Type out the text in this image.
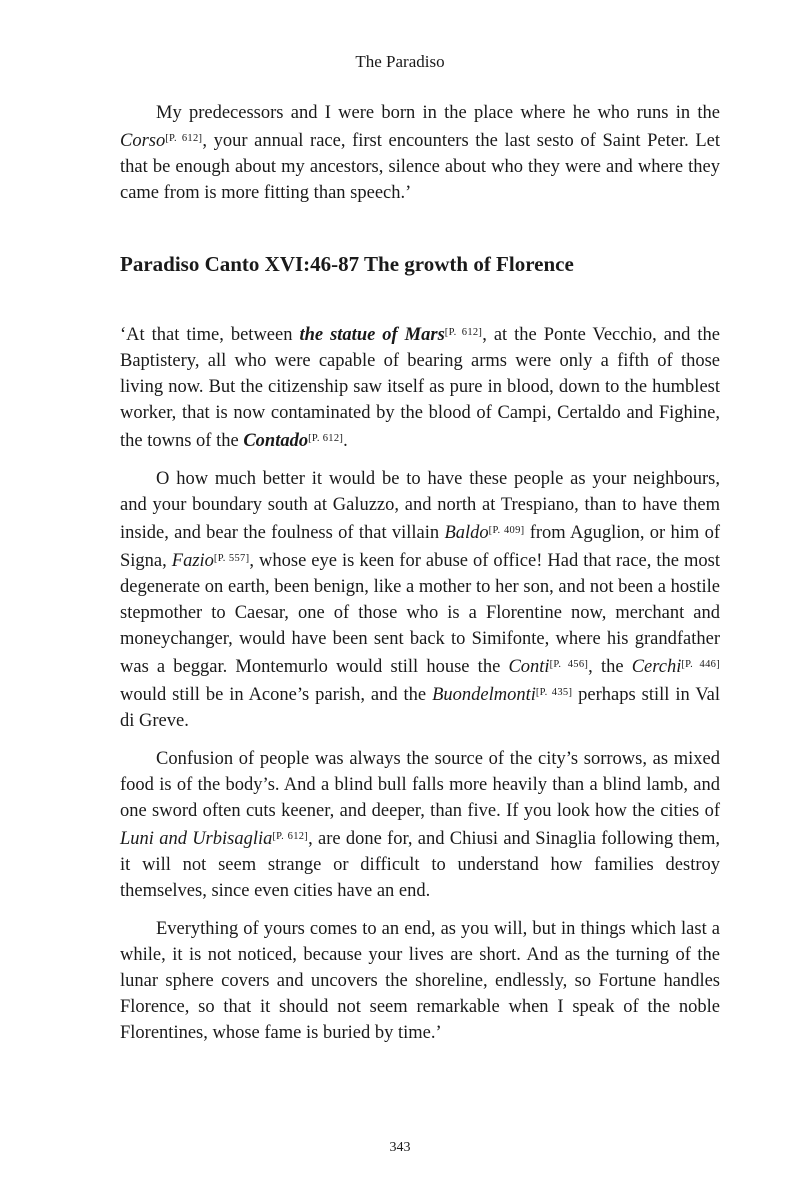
The Paradiso

My predecessors and I were born in the place where he who runs in the Corso[P. 612], your annual race, first encounters the last sesto of Saint Peter. Let that be enough about my ancestors, silence about who they were and where they came from is more fitting than speech.’

Paradiso Canto XVI:46-87 The growth of Florence

‘At that time, between the statue of Mars[P. 612], at the Ponte Vecchio, and the Baptistery, all who were capable of bearing arms were only a fifth of those living now. But the citizenship saw itself as pure in blood, down to the humblest worker, that is now contaminated by the blood of Campi, Certaldo and Fighine, the towns of the Contado[P. 612].

O how much better it would be to have these people as your neighbours, and your boundary south at Galuzzo, and north at Trespiano, than to have them inside, and bear the foulness of that villain Baldo[P. 409] from Aguglion, or him of Signa, Fazio[P. 557], whose eye is keen for abuse of office! Had that race, the most degenerate on earth, been benign, like a mother to her son, and not been a hostile stepmother to Caesar, one of those who is a Florentine now, merchant and moneychanger, would have been sent back to Simifonte, where his grandfather was a beggar. Montemurlo would still house the Conti[P. 456], the Cerchi[P. 446] would still be in Acone’s parish, and the Buondelmonti[P. 435] perhaps still in Val di Greve.

Confusion of people was always the source of the city’s sorrows, as mixed food is of the body’s. And a blind bull falls more heavily than a blind lamb, and one sword often cuts keener, and deeper, than five. If you look how the cities of Luni and Urbisaglia[P. 612], are done for, and Chiusi and Sinaglia following them, it will not seem strange or difficult to understand how families destroy themselves, since even cities have an end.

Everything of yours comes to an end, as you will, but in things which last a while, it is not noticed, because your lives are short. And as the turning of the lunar sphere covers and uncovers the shoreline, endlessly, so Fortune handles Florence, so that it should not seem remarkable when I speak of the noble Florentines, whose fame is buried by time.’

343
